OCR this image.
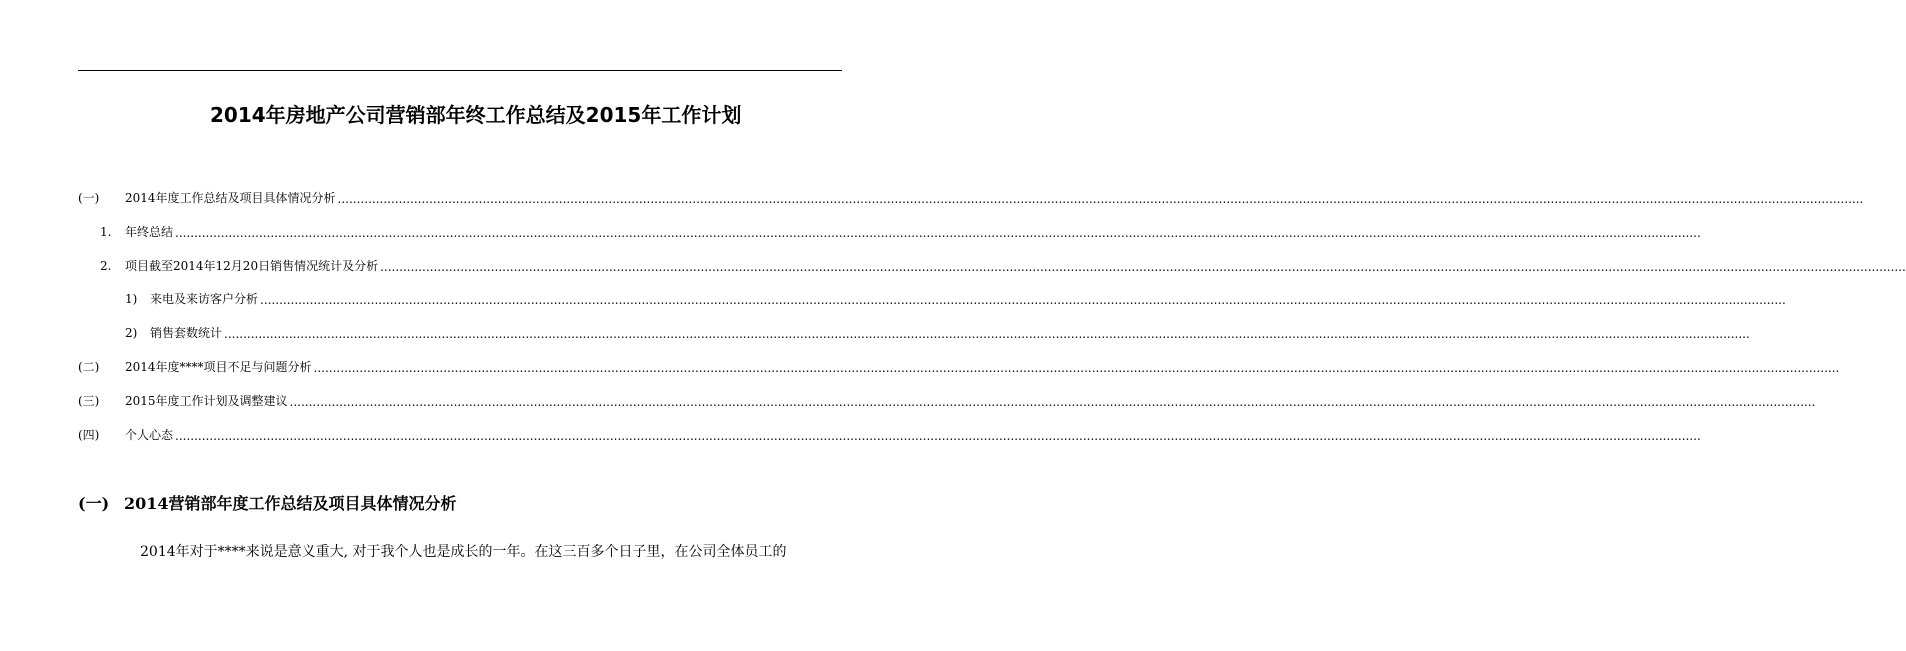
2014年房地产公司营销部年终工作总结及2015年工作计划
(一)	2014年度工作总结及项目具体情况分析 ................................................................................................................................................................................................................................................................................................................................................................................................................
1.	年终总结 ................................................................................................................................................................................................................................................................................................................................................................................................................
2.	项目截至2014年12月20日销售情况统计及分析 ................................................................................................................................................................................................................................................................................................................................................................................................................
1)	来电及来访客户分析 ................................................................................................................................................................................................................................................................................................................................................................................................................
2)	销售套数统计 ................................................................................................................................................................................................................................................................................................................................................................................................................
(二)	2014年度****项目不足与问题分析 ................................................................................................................................................................................................................................................................................................................................................................................................................
(三)	2015年度工作计划及调整建议 ................................................................................................................................................................................................................................................................................................................................................................................................................
(四)	个人心态 ................................................................................................................................................................................................................................................................................................................................................................................................................
(一) 2014营销部年度工作总结及项目具体情况分析
2014年对于****来说是意义重大, 对于我个人也是成长的一年。在这三百多个日子里，在公司全体员工的
